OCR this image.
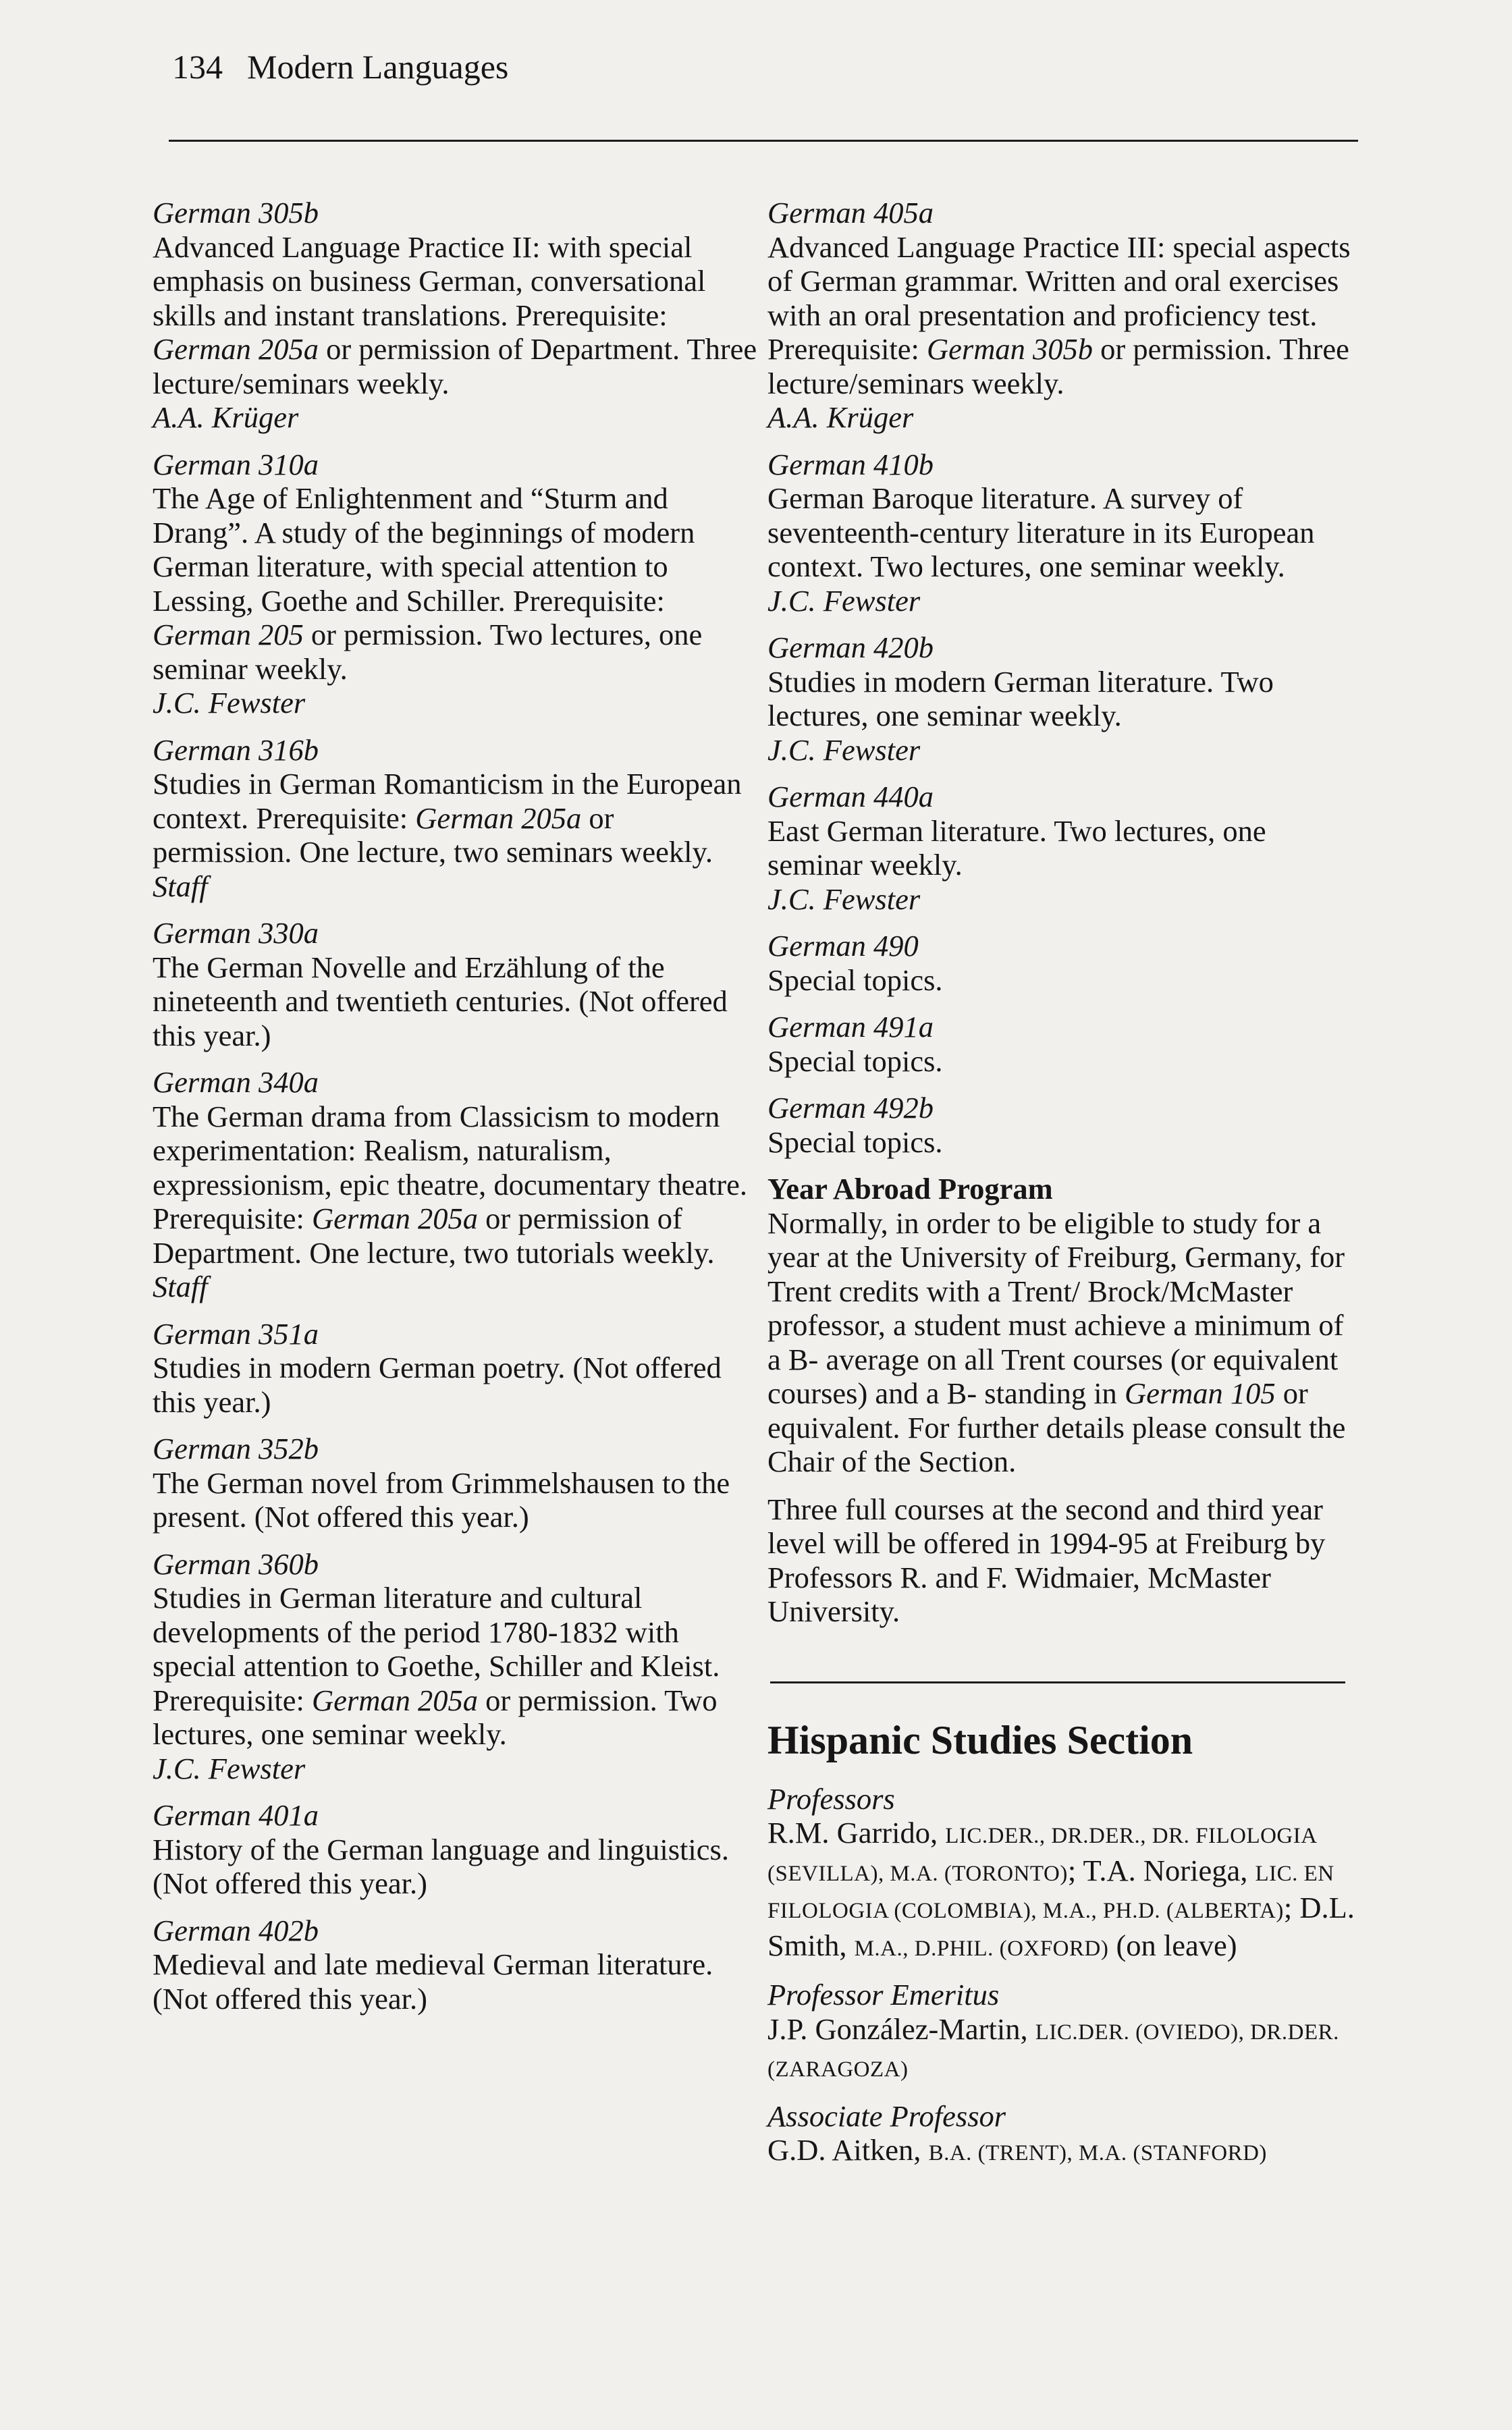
134 Modern Languages
German 305b
Advanced Language Practice II: with special emphasis on business German, conversational skills and instant translations. Prerequisite: German 205a or permission of Department. Three lecture/seminars weekly.
A.A. Krüger
German 310a
The Age of Enlightenment and “Sturm and Drang”. A study of the beginnings of modern German literature, with special attention to Lessing, Goethe and Schiller. Prerequisite: German 205 or permission. Two lectures, one seminar weekly.
J.C. Fewster
German 316b
Studies in German Romanticism in the European context. Prerequisite: German 205a or permission. One lecture, two seminars weekly.
Staff
German 330a
The German Novelle and Erzählung of the nineteenth and twentieth centuries. (Not offered this year.)
German 340a
The German drama from Classicism to modern experimentation: Realism, naturalism, expressionism, epic theatre, documentary theatre. Prerequisite: German 205a or permission of Department. One lecture, two tutorials weekly.
Staff
German 351a
Studies in modern German poetry. (Not offered this year.)
German 352b
The German novel from Grimmelshausen to the present. (Not offered this year.)
German 360b
Studies in German literature and cultural developments of the period 1780-1832 with special attention to Goethe, Schiller and Kleist. Prerequisite: German 205a or permission. Two lectures, one seminar weekly.
J.C. Fewster
German 401a
History of the German language and linguistics. (Not offered this year.)
German 402b
Medieval and late medieval German literature. (Not offered this year.)
German 405a
Advanced Language Practice III: special aspects of German grammar. Written and oral exercises with an oral presentation and proficiency test. Prerequisite: German 305b or permission. Three lecture/seminars weekly.
A.A. Krüger
German 410b
German Baroque literature. A survey of seventeenth-century literature in its European context. Two lectures, one seminar weekly.
J.C. Fewster
German 420b
Studies in modern German literature. Two lectures, one seminar weekly.
J.C. Fewster
German 440a
East German literature. Two lectures, one seminar weekly.
J.C. Fewster
German 490
Special topics.
German 491a
Special topics.
German 492b
Special topics.
Year Abroad Program
Normally, in order to be eligible to study for a year at the University of Freiburg, Germany, for Trent credits with a Trent/ Brock/McMaster professor, a student must achieve a minimum of a B- average on all Trent courses (or equivalent courses) and a B- standing in German 105 or equivalent. For further details please consult the Chair of the Section.
Three full courses at the second and third year level will be offered in 1994-95 at Freiburg by Professors R. and F. Widmaier, McMaster University.
Hispanic Studies Section
Professors
R.M. Garrido, LIC.DER., DR.DER., DR. FILOLOGIA (SEVILLA), M.A. (TORONTO); T.A. Noriega, LIC. EN FILOLOGIA (COLOMBIA), M.A., PH.D. (ALBERTA); D.L. Smith, M.A., D.PHIL. (OXFORD) (on leave)
Professor Emeritus
J.P. González-Martin, LIC.DER. (OVIEDO), DR.DER. (ZARAGOZA)
Associate Professor
G.D. Aitken, B.A. (TRENT), M.A. (STANFORD)
